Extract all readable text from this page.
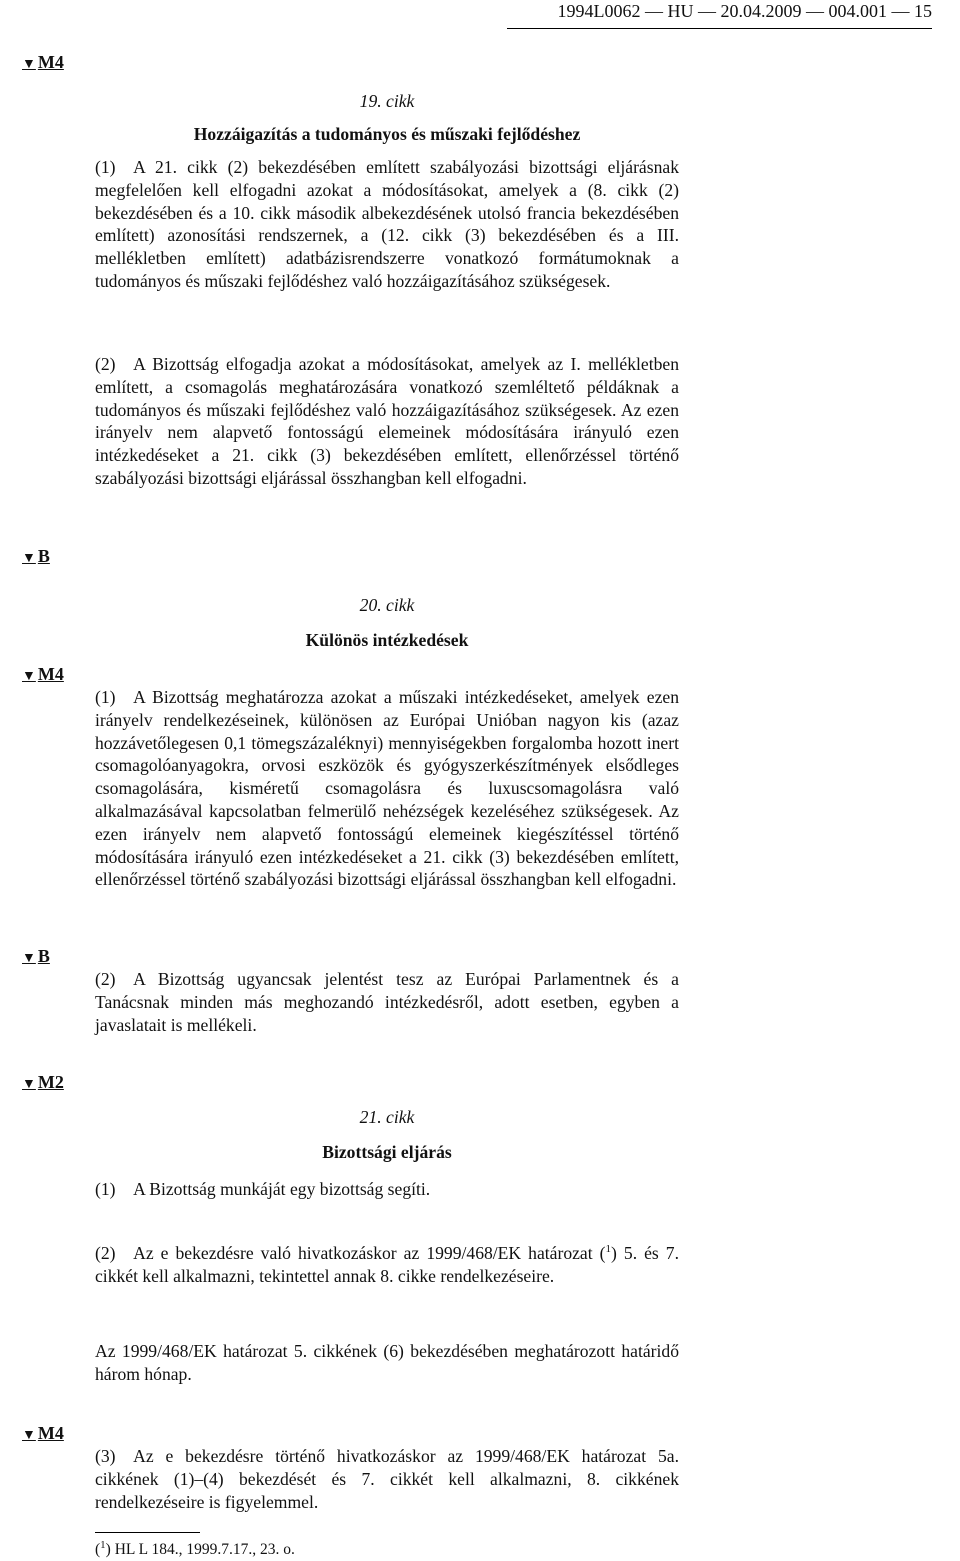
1994L0062 — HU — 20.04.2009 — 004.001 — 15
▼ M4
19. cikk
Hozzáigazítás a tudományos és műszaki fejlődéshez
(1) A 21. cikk (2) bekezdésében említett szabályozási bizottsági eljárásnak megfelelően kell elfogadni azokat a módosításokat, amelyek a (8. cikk (2) bekezdésében és a 10. cikk második albekezdésének utolsó francia bekezdésében említett) azonosítási rendszernek, a (12. cikk (3) bekezdésében és a III. mellékletben említett) adatbázisrendszerre vonatkozó formátumoknak a tudományos és műszaki fejlődéshez való hozzáigazításához szükségesek.
(2) A Bizottság elfogadja azokat a módosításokat, amelyek az I. mellékletben említett, a csomagolás meghatározására vonatkozó szemléltető példáknak a tudományos és műszaki fejlődéshez való hozzáigazításához szükségesek. Az ezen irányelv nem alapvető fontosságú elemeinek módosítására irányuló ezen intézkedéseket a 21. cikk (3) bekezdésében említett, ellenőrzéssel történő szabályozási bizottsági eljárással összhangban kell elfogadni.
▼ B
20. cikk
▼ M4
Különös intézkedések
(1) A Bizottság meghatározza azokat a műszaki intézkedéseket, amelyek ezen irányelv rendelkezéseinek, különösen az Európai Unióban nagyon kis (azaz hozzávetőlegesen 0,1 tömegszázaléknyi) mennyiségekben forgalomba hozott inert csomagolóanyagokra, orvosi eszközök és gyógyszerkészítmények elsődleges csomagolására, kisméretű csomagolásra és luxuscsomagolásra való alkalmazásával kapcsolatban felmerülő nehézségek kezeléséhez szükségesek. Az ezen irányelv nem alapvető fontosságú elemeinek kiegészítéssel történő módosítására irányuló ezen intézkedéseket a 21. cikk (3) bekezdésében említett, ellenőrzéssel történő szabályozási bizottsági eljárással összhangban kell elfogadni.
▼ B
(2) A Bizottság ugyancsak jelentést tesz az Európai Parlamentnek és a Tanácsnak minden más meghozandó intézkedésről, adott esetben, egyben a javaslatait is mellékeli.
▼ M2
21. cikk
Bizottsági eljárás
(1) A Bizottság munkáját egy bizottság segíti.
(2) Az e bekezdésre való hivatkozáskor az 1999/468/EK határozat ($^1$) 5. és 7. cikkét kell alkalmazni, tekintettel annak 8. cikke rendelkezéseire.
Az 1999/468/EK határozat 5. cikkének (6) bekezdésében meghatározott határidő három hónap.
▼ M4
(3) Az e bekezdésre történő hivatkozáskor az 1999/468/EK határozat 5a. cikkének (1)–(4) bekezdését és 7. cikkét kell alkalmazni, 8. cikkének rendelkezéseire is figyelemmel.
($^1$) HL L 184., 1999.7.17., 23. o.
